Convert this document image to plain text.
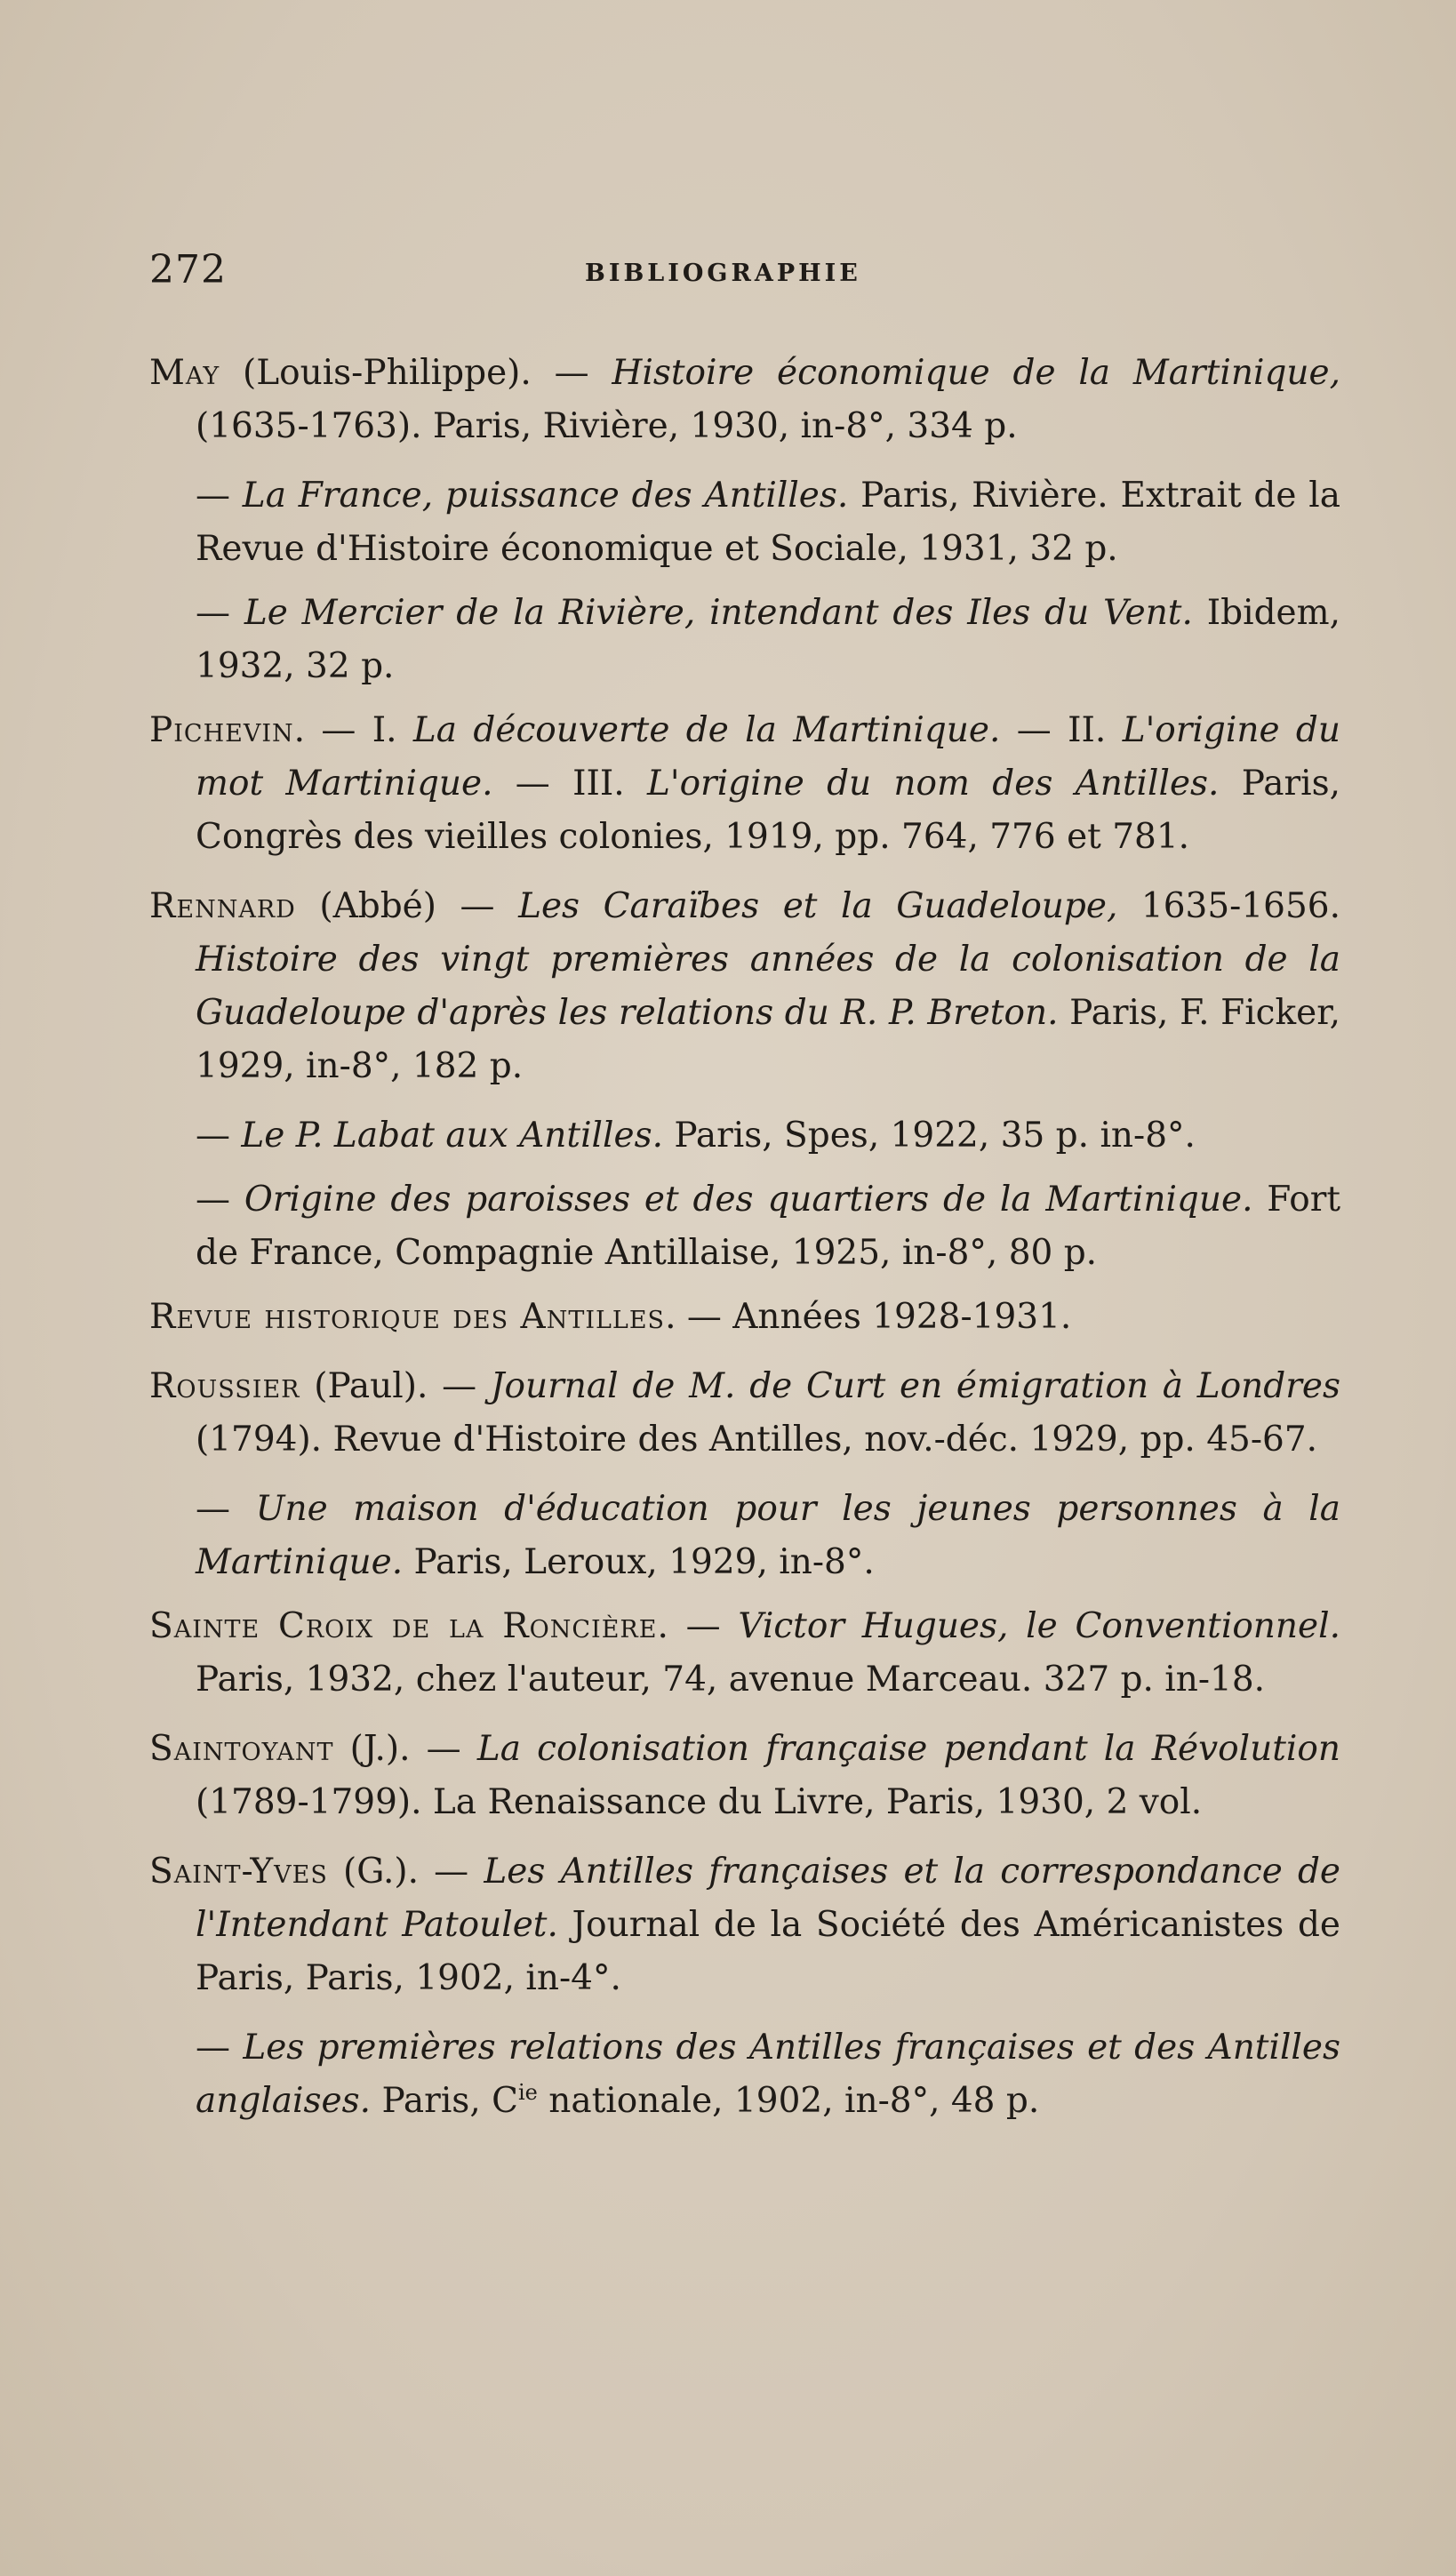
272	BIBLIOGRAPHIE

May (Louis-Philippe). — Histoire économique de la Martinique, (1635-1763). Paris, Rivière, 1930, in-8°, 334 p.

— La France, puissance des Antilles. Paris, Rivière. Extrait de la Revue d'Histoire économique et Sociale, 1931, 32 p.

— Le Mercier de la Rivière, intendant des Iles du Vent. Ibidem, 1932, 32 p.

Pichevin. — I. La découverte de la Martinique. — II. L'origine du mot Martinique. — III. L'origine du nom des Antilles. Paris, Congrès des vieilles colonies, 1919, pp. 764, 776 et 781.

Rennard (Abbé) — Les Caraïbes et la Guadeloupe, 1635-1656. Histoire des vingt premières années de la colonisation de la Guadeloupe d'après les relations du R. P. Breton. Paris, F. Ficker, 1929, in-8°, 182 p.

— Le P. Labat aux Antilles. Paris, Spes, 1922, 35 p. in-8°.

— Origine des paroisses et des quartiers de la Martinique. Fort de France, Compagnie Antillaise, 1925, in-8°, 80 p.

Revue historique des Antilles. — Années 1928-1931.

Roussier (Paul). — Journal de M. de Curt en émigration à Londres (1794). Revue d'Histoire des Antilles, nov.-déc. 1929, pp. 45-67.

— Une maison d'éducation pour les jeunes personnes à la Martinique. Paris, Leroux, 1929, in-8°.

Sainte Croix de la Roncière. — Victor Hugues, le Conventionnel. Paris, 1932, chez l'auteur, 74, avenue Marceau. 327 p. in-18.

Saintoyant (J.). — La colonisation française pendant la Révolution (1789-1799). La Renaissance du Livre, Paris, 1930, 2 vol.

Saint-Yves (G.). — Les Antilles françaises et la correspondance de l'Intendant Patoulet. Journal de la Société des Américanistes de Paris, Paris, 1902, in-4°.

— Les premières relations des Antilles françaises et des Antilles anglaises. Paris, $C^{ie}$ nationale, 1902, in-8°, 48 p.
